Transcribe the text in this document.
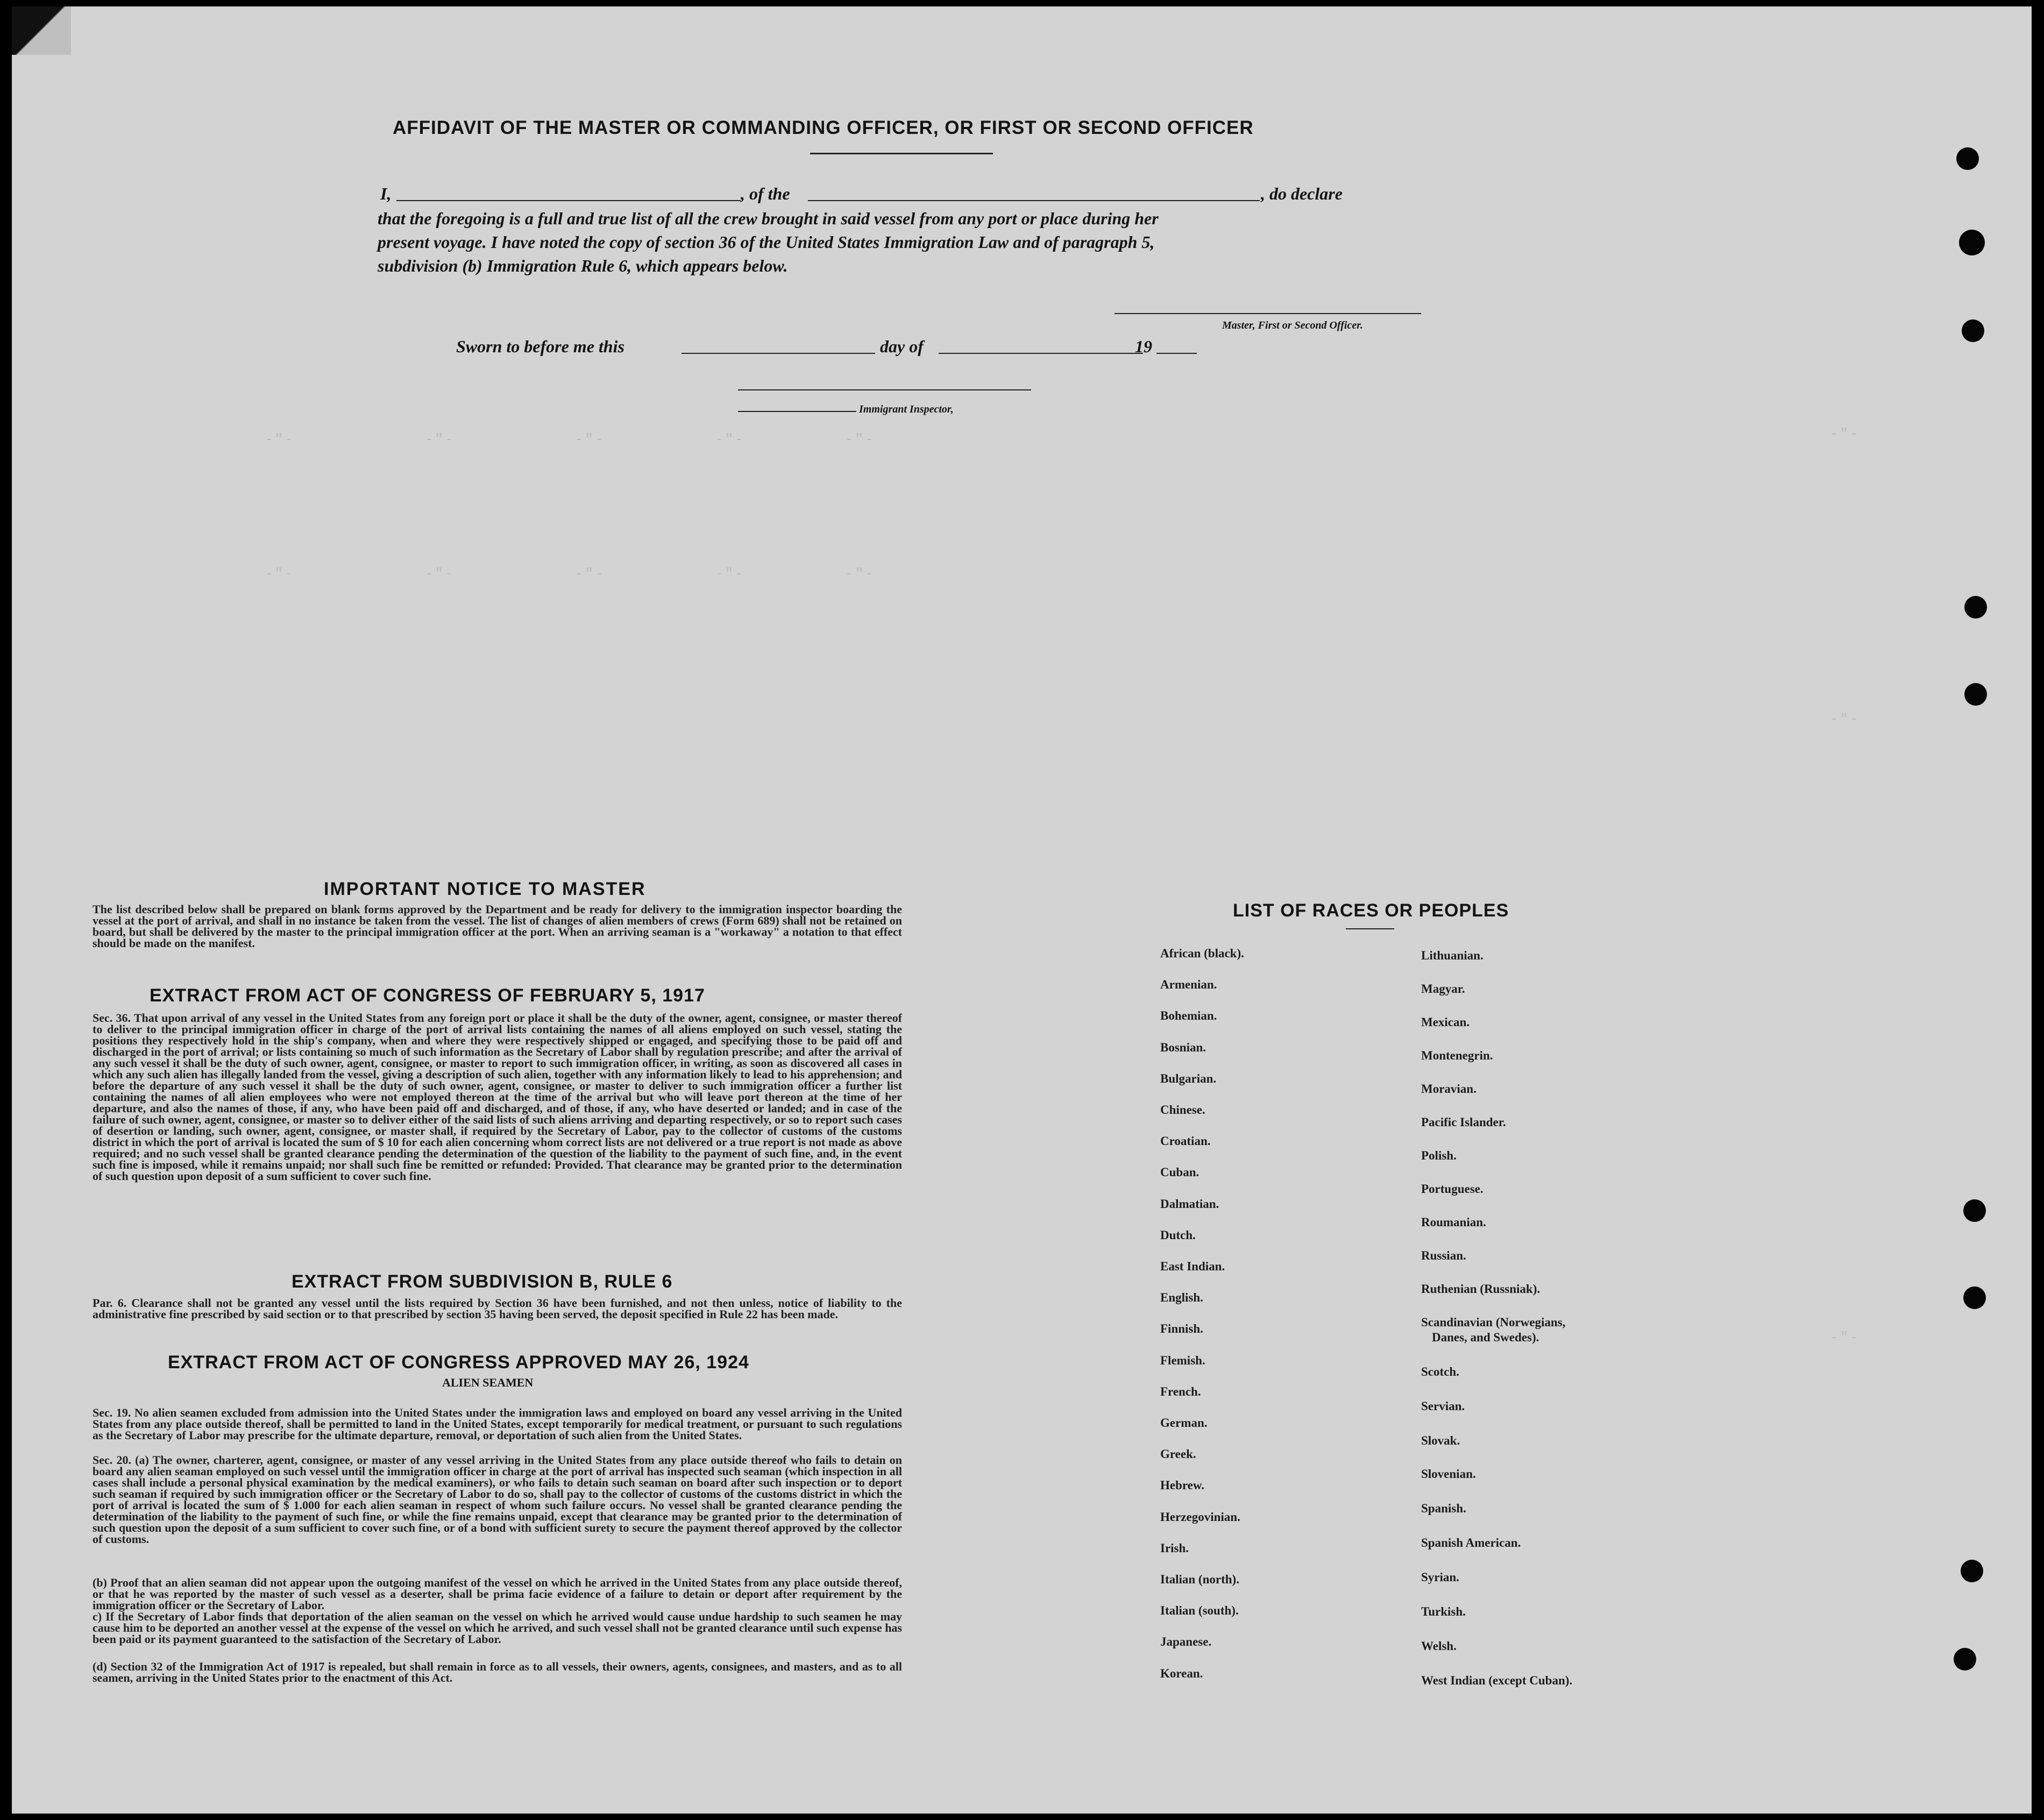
-"-             -"-            -"-           -"-          -"-
-"-             -"-            -"-           -"-          -"-
-"-
-"-
-"-
AFFIDAVIT OF THE MASTER OR COMMANDING OFFICER, OR FIRST OR SECOND OFFICER
I,	, of the	, do declare
that the foregoing is a full and true list of all the crew brought in said vessel from any port or place during her
present voyage. I have noted the copy of section 36 of the United States Immigration Law and of paragraph 5,
subdivision (b) Immigration Rule 6, which appears below.
Master, First or Second Officer.
Sworn to before me this	day of	19
Immigrant Inspector,
IMPORTANT NOTICE TO MASTER
The list described below shall be prepared on blank forms approved by the Department and be ready for delivery to the immigration inspector boarding the vessel at the port of arrival, and shall in no instance be taken from the vessel. The list of changes of alien members of crews (Form 689) shall not be retained on board, but shall be delivered by the master to the principal immigration officer at the port. When an arriving seaman is a "workaway" a notation to that effect should be made on the manifest.
EXTRACT FROM ACT OF CONGRESS OF FEBRUARY 5, 1917
Sec. 36. That upon arrival of any vessel in the United States from any foreign port or place it shall be the duty of the owner, agent, consignee, or master thereof to deliver to the principal immigration officer in charge of the port of arrival lists containing the names of all aliens employed on such vessel, stating the positions they respectively hold in the ship's company, when and where they were respectively shipped or engaged, and specifying those to be paid off and discharged in the port of arrival; or lists containing so much of such information as the Secretary of Labor shall by regulation prescribe; and after the arrival of any such vessel it shall be the duty of such owner, agent, consignee, or master to report to such immigration officer, in writing, as soon as discovered all cases in which any such alien has illegally landed from the vessel, giving a description of such alien, together with any information likely to lead to his apprehension; and before the departure of any such vessel it shall be the duty of such owner, agent, consignee, or master to deliver to such immigration officer a further list containing the names of all alien employees who were not employed thereon at the time of the arrival but who will leave port thereon at the time of her departure, and also the names of those, if any, who have been paid off and discharged, and of those, if any, who have deserted or landed; and in case of the failure of such owner, agent, consignee, or master so to deliver either of the said lists of such aliens arriving and departing respectively, or so to report such cases of desertion or landing, such owner, agent, consignee, or master shall, if required by the Secretary of Labor, pay to the collector of customs of the customs district in which the port of arrival is located the sum of $ 10 for each alien concerning whom correct lists are not delivered or a true report is not made as above required; and no such vessel shall be granted clearance pending the determination of the question of the liability to the payment of such fine, and, in the event such fine is imposed, while it remains unpaid; nor shall such fine be remitted or refunded: Provided. That clearance may be granted prior to the determination of such question upon deposit of a sum sufficient to cover such fine.
EXTRACT FROM SUBDIVISION B, RULE 6
Par. 6. Clearance shall not be granted any vessel until the lists required by Section 36 have been furnished, and not then unless, notice of liability to the administrative fine prescribed by said section or to that prescribed by section 35 having been served, the deposit specified in Rule 22 has been made.
EXTRACT FROM ACT OF CONGRESS APPROVED MAY 26, 1924
ALIEN SEAMEN
Sec. 19. No alien seamen excluded from admission into the United States under the immigration laws and employed on board any vessel arriving in the United States from any place outside thereof, shall be permitted to land in the United States, except temporarily for medical treatment, or pursuant to such regulations as the Secretary of Labor may prescribe for the ultimate departure, removal, or deportation of such alien from the United States.
Sec. 20. (a) The owner, charterer, agent, consignee, or master of any vessel arriving in the United States from any place outside thereof who fails to detain on board any alien seaman employed on such vessel until the immigration officer in charge at the port of arrival has inspected such seaman (which inspection in all cases shall include a personal physical examination by the medical examiners), or who fails to detain such seaman on board after such inspection or to deport such seaman if required by such immigration officer or the Secretary of Labor to do so, shall pay to the collector of customs of the customs district in which the port of arrival is located the sum of $ 1.000 for each alien seaman in respect of whom such failure occurs. No vessel shall be granted clearance pending the determination of the liability to the payment of such fine, or while the fine remains unpaid, except that clearance may be granted prior to the determination of such question upon the deposit of a sum sufficient to cover such fine, or of a bond with sufficient surety to secure the payment thereof approved by the collector of customs.
(b) Proof that an alien seaman did not appear upon the outgoing manifest of the vessel on which he arrived in the United States from any place outside thereof, or that he was reported by the master of such vessel as a deserter, shall be prima facie evidence of a failure to detain or deport after requirement by the immigration officer or the Secretary of Labor.
c) If the Secretary of Labor finds that deportation of the alien seaman on the vessel on which he arrived would cause undue hardship to such seamen he may cause him to be deported an another vessel at the expense of the vessel on which he arrived, and such vessel shall not be granted clearance until such expense has been paid or its payment guaranteed to the satisfaction of the Secretary of Labor.
(d) Section 32 of the Immigration Act of 1917 is repealed, but shall remain in force as to all vessels, their owners, agents, consignees, and masters, and as to all seamen, arriving in the United States prior to the enactment of this Act.
LIST OF RACES OR PEOPLES
African (black).
Armenian.
Bohemian.
Bosnian.
Bulgarian.
Chinese.
Croatian.
Cuban.
Dalmatian.
Dutch.
East Indian.
English.
Finnish.
Flemish.
French.
German.
Greek.
Hebrew.
Herzegovinian.
Irish.
Italian (north).
Italian (south).
Japanese.
Korean.
Lithuanian.
Magyar.
Mexican.
Montenegrin.
Moravian.
Pacific Islander.
Polish.
Portuguese.
Roumanian.
Russian.
Ruthenian (Russniak).
Scandinavian (Norwegians,
Danes, and Swedes).
Scotch.
Servian.
Slovak.
Slovenian.
Spanish.
Spanish American.
Syrian.
Turkish.
Welsh.
West Indian (except Cuban).
